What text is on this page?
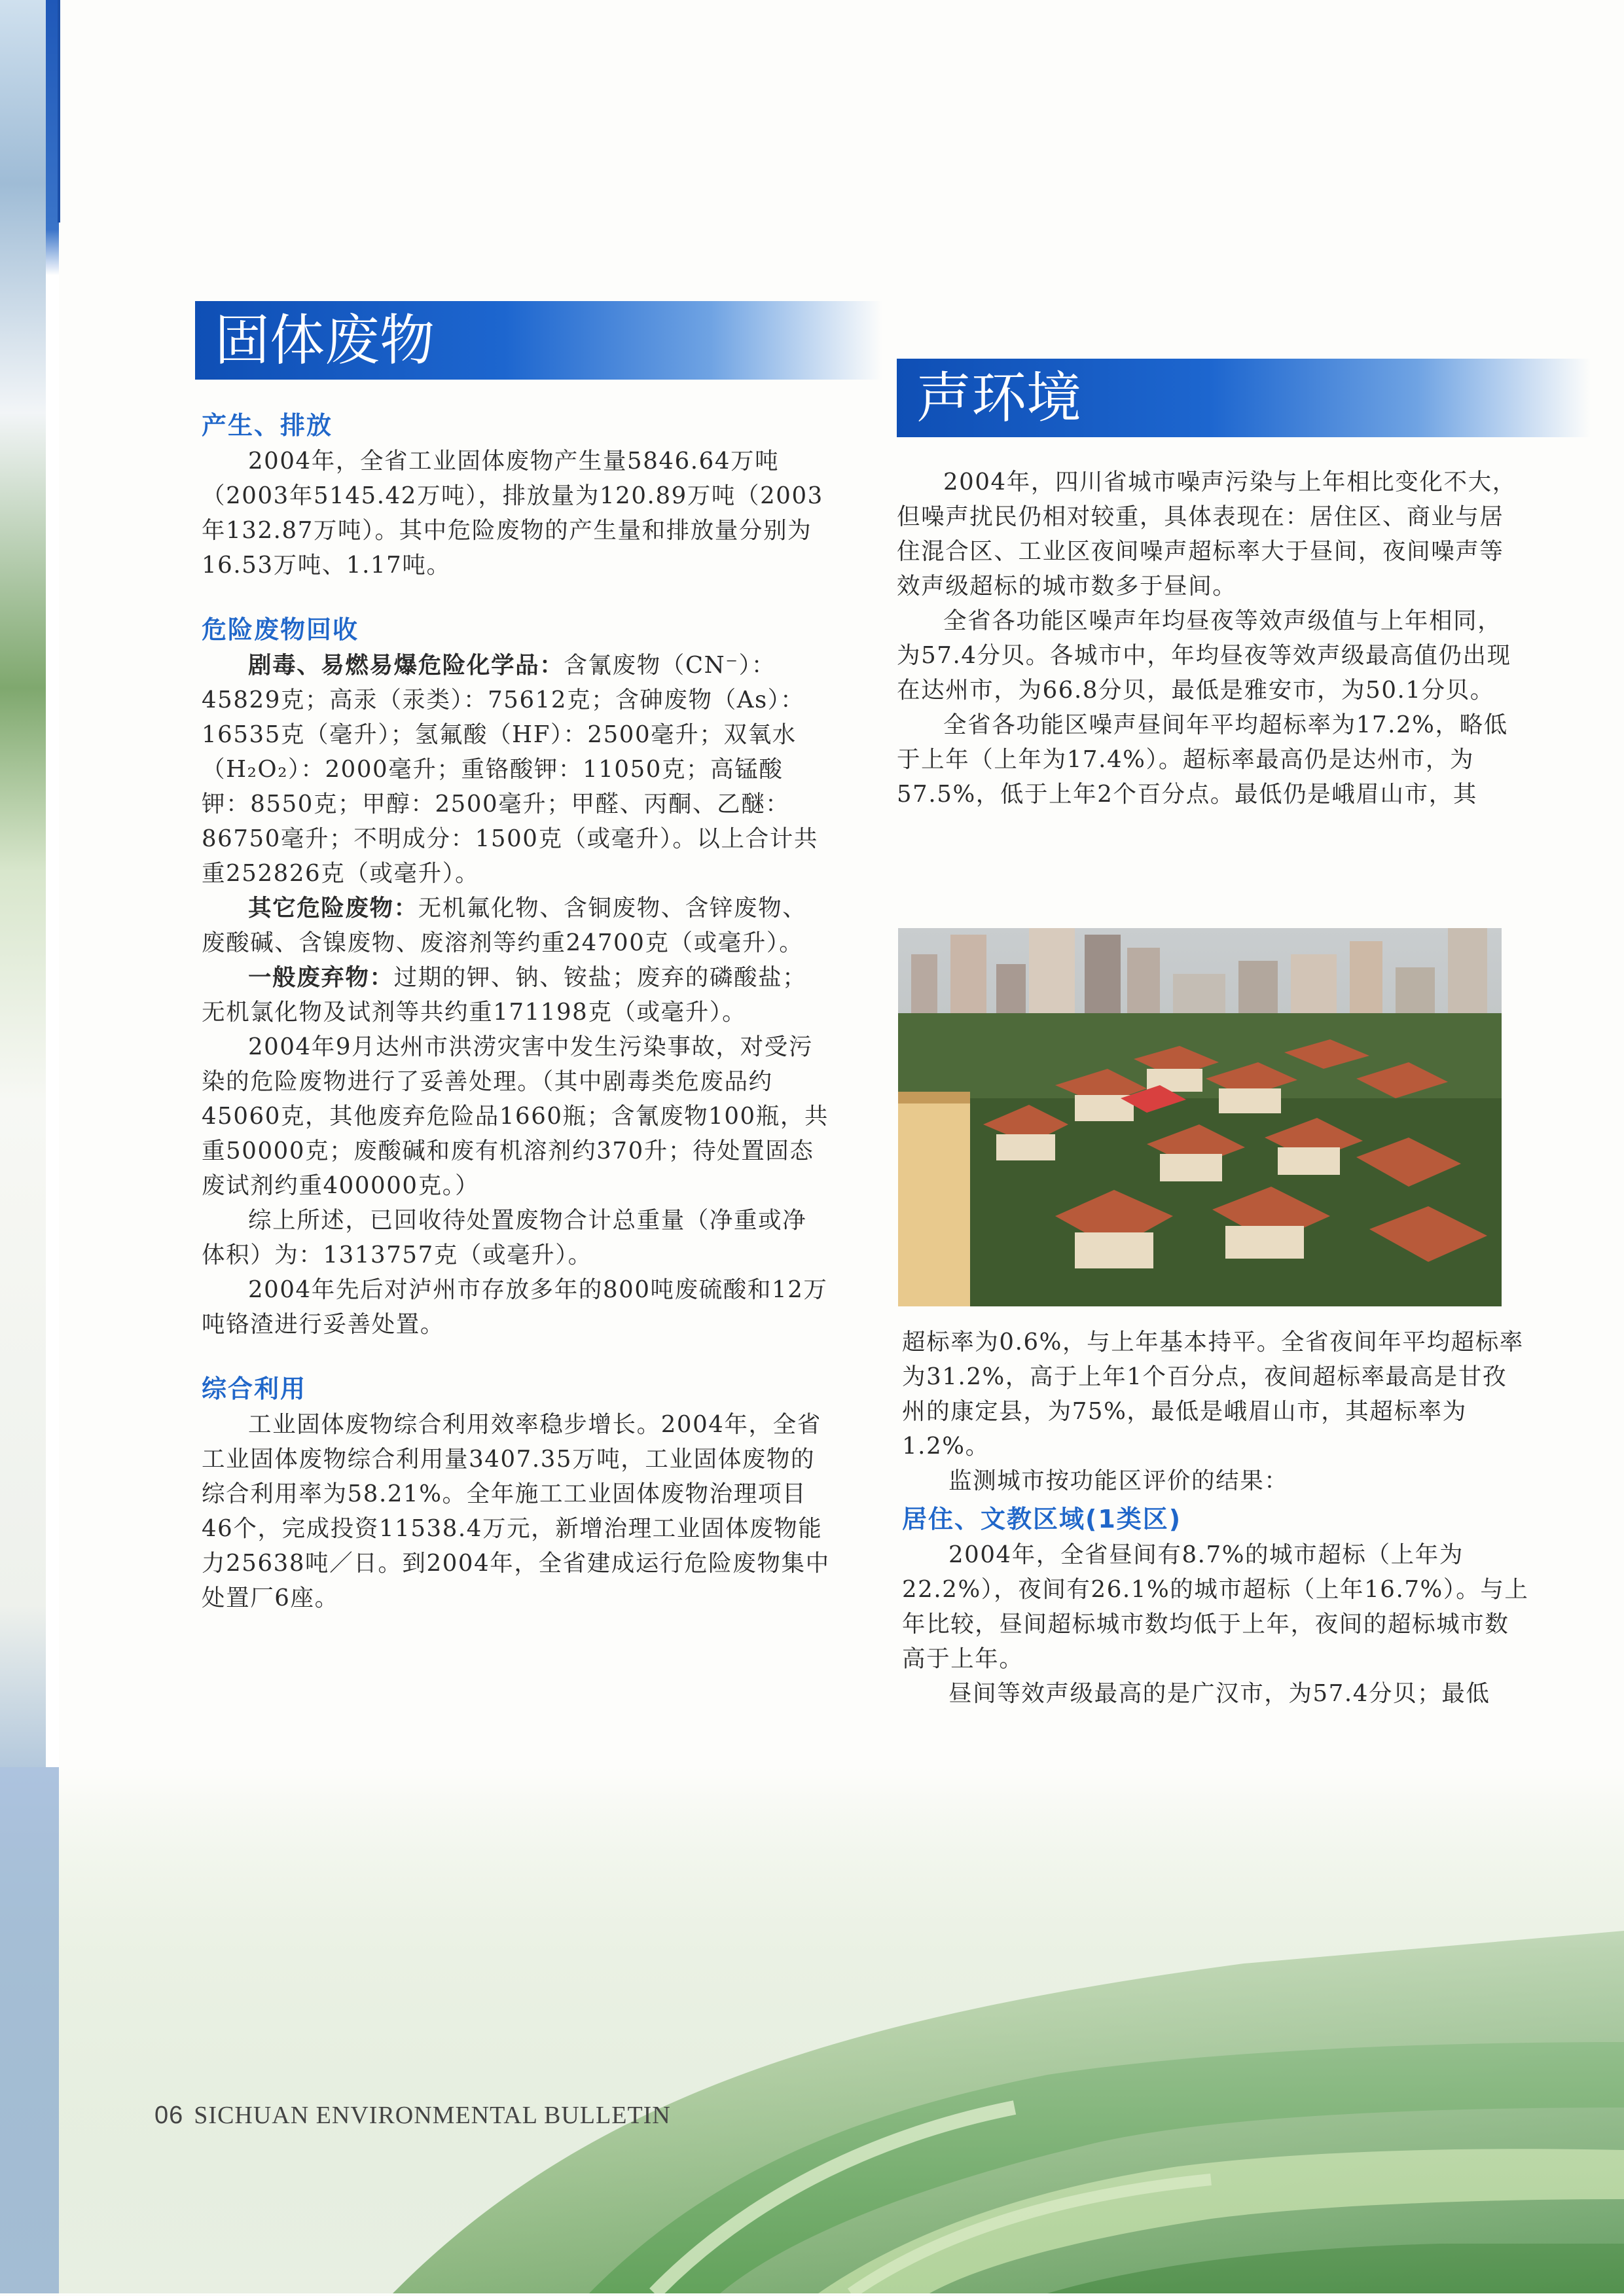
固体废物
产生、排放

2004年，全省工业固体废物产生量5846.64万吨（2003年5145.42万吨），排放量为120.89万吨（2003年132.87万吨）。其中危险废物的产生量和排放量分别为16.53万吨、1.17吨。

危险废物回收

剧毒、易燃易爆危险化学品：含氰废物（CN⁻）：45829克；高汞（汞类）：75612克；含砷废物（As）：16535克（毫升）；氢氟酸（HF）：2500毫升；双氧水（H₂O₂）：2000毫升；重铬酸钾：11050克；高锰酸钾：8550克；甲醇：2500毫升；甲醛、丙酮、乙醚：86750毫升；不明成分：1500克（或毫升）。以上合计共重252826克（或毫升）。

其它危险废物：无机氟化物、含铜废物、含锌废物、废酸碱、含镍废物、废溶剂等约重24700克（或毫升）。

一般废弃物：过期的钾、钠、铵盐；废弃的磷酸盐；无机氯化物及试剂等共约重171198克（或毫升）。

2004年9月达州市洪涝灾害中发生污染事故，对受污染的危险废物进行了妥善处理。（其中剧毒类危废品约45060克，其他废弃危险品1660瓶；含氰废物100瓶，共重50000克；废酸碱和废有机溶剂约370升；待处置固态废试剂约重400000克。）

综上所述，已回收待处置废物合计总重量（净重或净体积）为：1313757克（或毫升）。

2004年先后对泸州市存放多年的800吨废硫酸和12万吨铬渣进行妥善处置。

综合利用

工业固体废物综合利用效率稳步增长。2004年，全省工业固体废物综合利用量3407.35万吨，工业固体废物的综合利用率为58.21%。全年施工工业固体废物治理项目46个，完成投资11538.4万元，新增治理工业固体废物能力25638吨／日。到2004年，全省建成运行危险废物集中处置厂6座。

声环境

2004年，四川省城市噪声污染与上年相比变化不大，但噪声扰民仍相对较重，具体表现在：居住区、商业与居住混合区、工业区夜间噪声超标率大于昼间，夜间噪声等效声级超标的城市数多于昼间。

全省各功能区噪声年均昼夜等效声级值与上年相同，为57.4分贝。各城市中，年均昼夜等效声级最高值仍出现在达州市，为66.8分贝，最低是雅安市，为50.1分贝。

全省各功能区噪声昼间年平均超标率为17.2%，略低于上年（上年为17.4%）。超标率最高仍是达州市，为57.5%，低于上年2个百分点。最低仍是峨眉山市，其

超标率为0.6%，与上年基本持平。全省夜间年平均超标率为31.2%，高于上年1个百分点，夜间超标率最高是甘孜州的康定县，为75%，最低是峨眉山市，其超标率为1.2%。

监测城市按功能区评价的结果：

居住、文教区域(1类区)

2004年，全省昼间有8.7%的城市超标（上年为22.2%），夜间有26.1%的城市超标（上年16.7%）。与上年比较，昼间超标城市数均低于上年，夜间的超标城市数高于上年。

昼间等效声级最高的是广汉市，为57.4分贝；最低

06 SICHUAN ENVIRONMENTAL BULLETIN
